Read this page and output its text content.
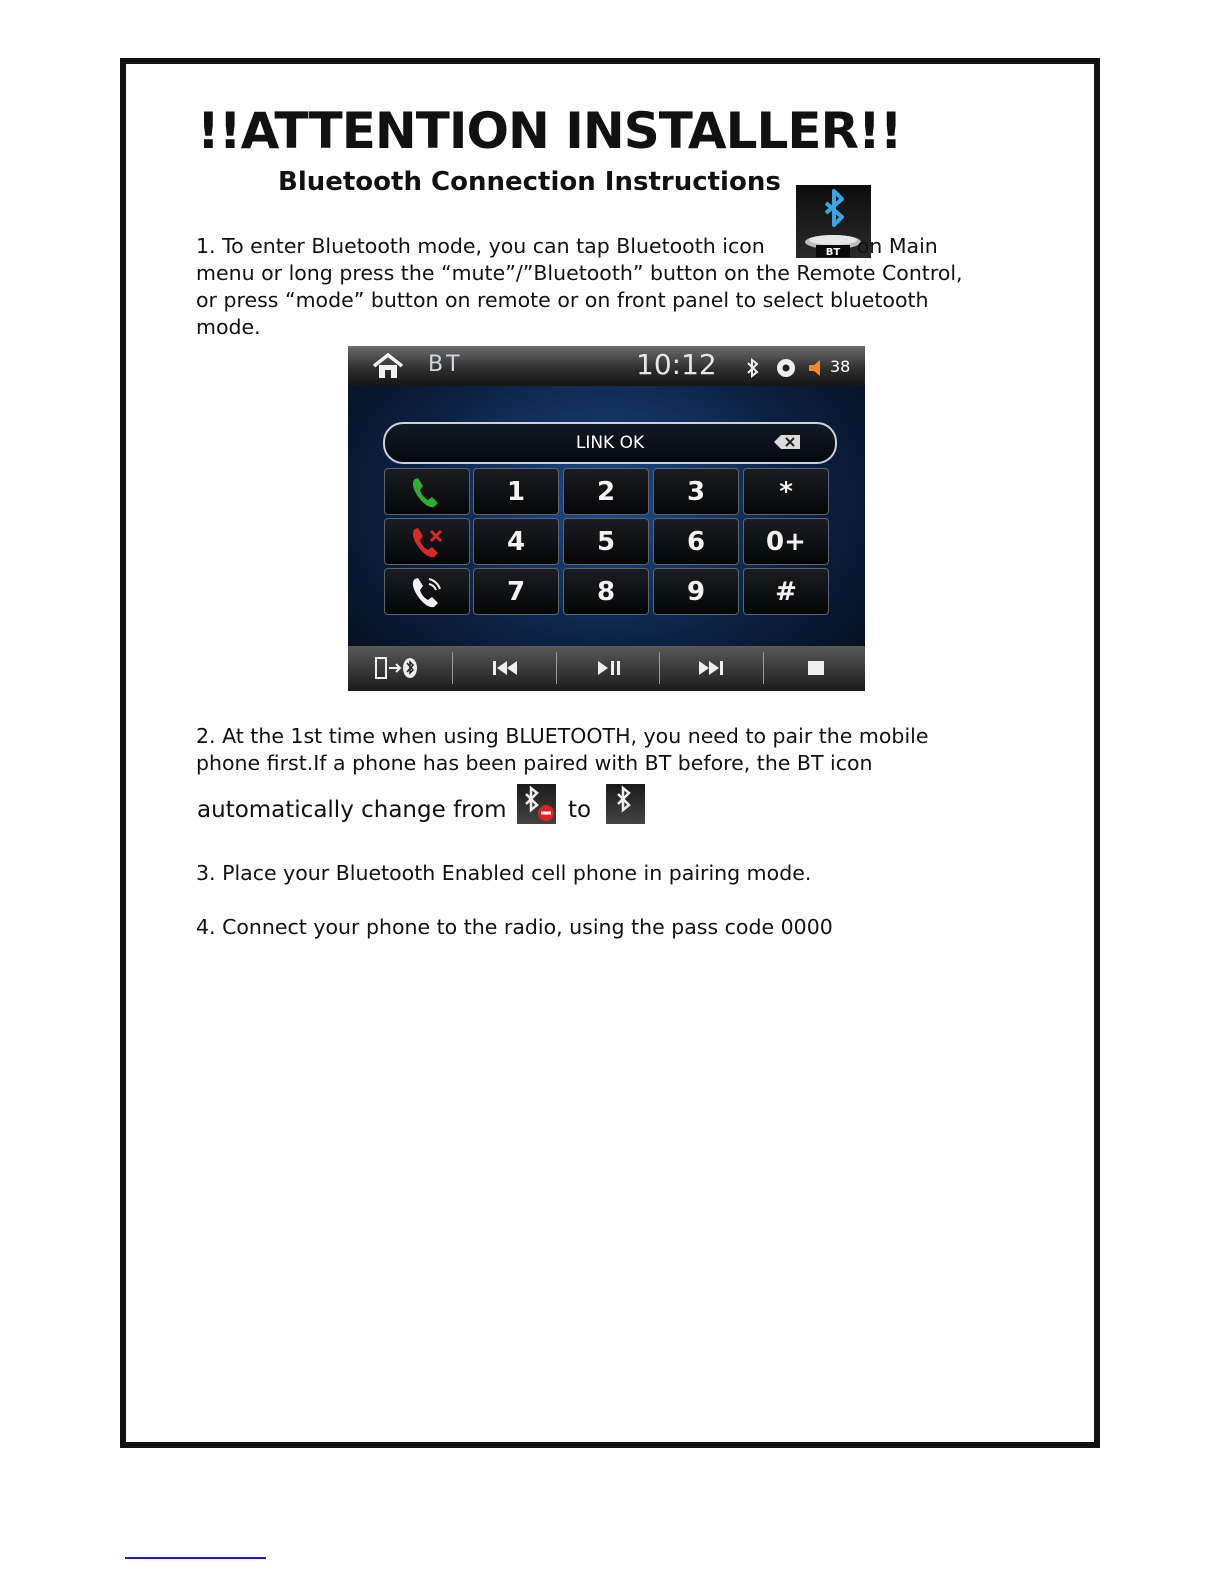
!!ATTENTION INSTALLER!!
Bluetooth Connection Instructions
BT

1. To enter Bluetooth mode, you can tap Bluetooth icon	on Main
menu or long press the “mute”/”Bluetooth” button on the Remote Control,
or press “mode” button on remote or on front panel to select bluetooth
mode.

BT	10:12	38
LINK OK
1	2	3	*
4	5	6	0+
7	8	9	#

2. At the 1st time when using BLUETOOTH, you need to pair the mobile
phone first.If a phone has been paired with BT before, the BT icon

automatically change from	to

3. Place your Bluetooth Enabled cell phone in pairing mode.

4. Connect your phone to the radio, using the pass code 0000
